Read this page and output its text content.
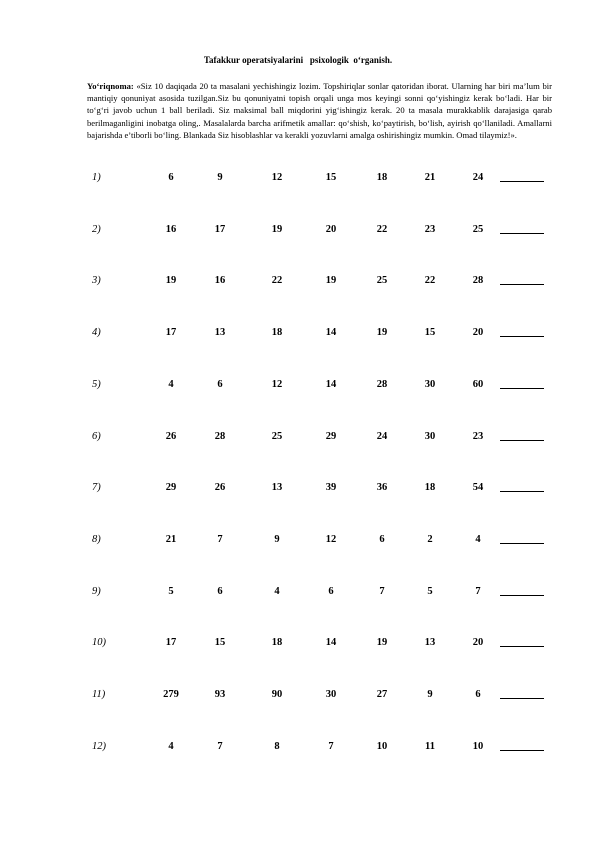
Tafakkur operatsiyalarini   psixologik  o‘rganish.
Yo‘riqnoma: «Siz 10 daqiqada 20 ta masalani yechishingiz lozim. Topshiriqlar sonlar qatoridan iborat. Ularning har biri ma’lum bir mantiqiy qonuniyat asosida tuzilgan.Siz bu qonuniyatni topish orqali unga mos keyingi sonni qo‘yishingiz kerak bo‘ladi. Har bir to‘g‘ri javob uchun 1 ball beriladi. Siz maksimal ball miqdorini yig‘ishingiz kerak. 20 ta masala murakkablik darajasiga qarab berilmaganligini inobatga oling,. Masalalarda barcha arifmetik amallar: qo‘shish, ko‘paytirish, bo‘lish, ayirish qo‘llaniladi. Amallarni bajarishda e’tiborli bo‘ling. Blankada Siz hisoblashlar va kerakli yozuvlarni amalga oshirishingiz mumkin. Omad tilaymiz!».
1)	6	9	12	15	18	21	24
2)	16	17	19	20	22	23	25
3)	19	16	22	19	25	22	28
4)	17	13	18	14	19	15	20
5)	4	6	12	14	28	30	60
6)	26	28	25	29	24	30	23
7)	29	26	13	39	36	18	54
8)	21	7	9	12	6	2	4
9)	5	6	4	6	7	5	7
10)	17	15	18	14	19	13	20
11)	279	93	90	30	27	9	6
12)	4	7	8	7	10	11	10
